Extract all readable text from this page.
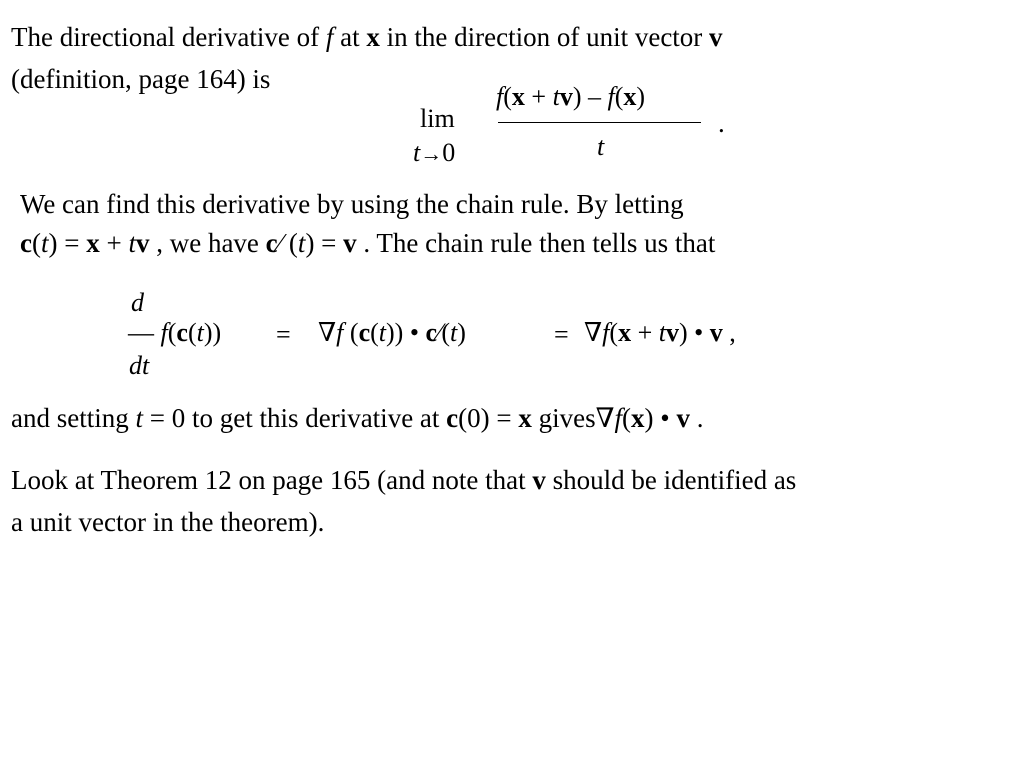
The directional derivative of f at x in the direction of unit vector v
(definition, page 164) is
f(x + tv) – f(x)
t
lim
t→0
.
We can find this derivative by using the chain rule. By letting
c(t) = x + tv , we have c⁄ (t) = v . The chain rule then tells us that
d
— f(c(t))
dt
= ∇f (c(t)) • c⁄(t)	= ∇f(x + tv) • v ,
and setting t = 0 to get this derivative at c(0) = x gives∇f(x) • v .
Look at Theorem 12 on page 165 (and note that v should be identified as
a unit vector in the theorem).
